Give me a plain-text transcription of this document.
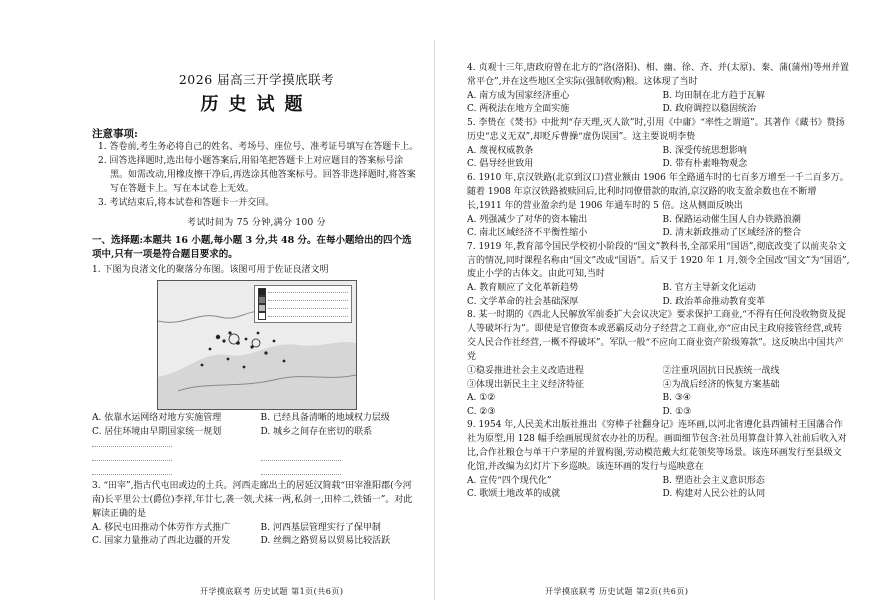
2026 届高三开学摸底联考
历史试题
注意事项:
1. 答卷前,考生务必将自己的姓名、考场号、座位号、准考证号填写在答题卡上。
2. 回答选择题时,选出每小题答案后,用铅笔把答题卡上对应题目的答案标号涂黑。如需改动,用橡皮擦干净后,再选涂其他答案标号。回答非选择题时,将答案写在答题卡上。写在本试卷上无效。
3. 考试结束后,将本试卷和答题卡一并交回。
考试时间为 75 分钟,满分 100 分
一、选择题:本题共 16 小题,每小题 3 分,共 48 分。在每小题给出的四个选项中,只有一项是符合题目要求的。

1. 下图为良渚文化的聚落分布图。该图可用于佐证良渚文明

A. 依靠水运网络对地方实施管理	B. 已经具备清晰的地域权力层级
C. 居住环境由早期国家统一规划	D. 城乡之间存在密切的联系

3. “田宰”,指古代屯田或边的土兵。河西走廊出土的居延汉简载“田宰淮阳郡(今河南)长平里公士(爵位)李祥,年廿七,袭一领,犬袜一两,私剑一,田枠二,铁锸一”。对此解读正确的是

A. 移民屯田推动个体劳作方式推广	B. 河西基层管理实行了保甲制
C. 国家力量推动了西北边疆的开发	D. 丝绸之路贸易以贸易比较活跃
开学摸底联考 历史试题 第1页(共6页)

4. 贞观十三年,唐政府曾在北方的“洛(洛阳)、相、幽、徐、齐、并(太原)、秦、蒲(蒲州)等州并置常平仓”,并在这些地区全实际(强制收购)粮。这体现了当时

A. 南方成为国家经济重心	B. 均田制在北方趋于瓦解
C. 两税法在地方全面实施	D. 政府调控以稳固统治

5. 李贽在《焚书》中批判“存天理,灭人欲”时,引用《中庸》“率性之谓道”。其著作《藏书》赞扬历史“忠义无双”,却贬斥曹操“虚伪误国”。这主要说明李贽

A. 蔑视权威教条	B. 深受传统思想影响
C. 倡导经世致用	D. 带有朴素唯物观念

6. 1910 年,京汉铁路(北京到汉口)营业额由 1906 年全路通车时的七百多万增至一千二百多万。随着 1908 年京汉铁路被赎回后,比利时同僚借款的取消,京汉路的收支盈余数也在不断增长,1911 年的营业盈余约是 1906 年通车时的 5 倍。这从侧面反映出

A. 列强减少了对华的资本输出	B. 保路运动催生国人自办铁路浪潮
C. 南北区域经济不平衡性缩小	D. 清末新政推动了区域经济的整合

7. 1919 年,教育部令国民学校初小阶段的“国文”教科书,全部采用“国语”,彻底改变了以前夹杂文言的情况,同时课程名称由“国文”改成“国语”。后又于 1920 年 1 月,领令全国改“国文”为“国语”,废止小学的古体文。由此可知,当时

A. 教育顺应了文化革新趋势	B. 官方主导新文化运动
C. 文学革命的社会基础深厚	D. 政治革命推动教育变革

8. 某一时期的《西北人民解放军前委扩大会议决定》要求保护工商业,“不得有任何没收物资及捉人等破坏行为”。即使是官僚资本或恶霸反动分子经营之工商业,亦“应由民主政府接管经营,或转交人民合作社经营,一概不得破坏”。军队一般“不应向工商业资产阶级筹款”。这反映出中国共产党

①稳妥推进社会主义改造进程	②注重巩固抗日民族统一战线
③体现出新民主主义经济特征	④为战后经济的恢复方案基础
A. ①②	B. ③④
C. ②③	D. ①③

9. 1954 年,人民美术出版社推出《穷棒子社翻身记》连环画,以河北省遵化县西铺村王国藩合作社为原型,用 128 幅手绘画展现贫农办社的历程。画面细节包含:社员用算盘计算入社前后收入对比,合作社粮仓与单干户茅屋的并置构图,劳动模范戴大红花领奖等场景。该连环画发行至县级文化馆,并改编为幻灯片下乡巡映。该连环画的发行与巡映意在

A. 宣传“四个现代化”	B. 塑造社会主义意识形态
C. 歌颂土地改革的成就	D. 构建对人民公社的认同
开学摸底联考 历史试题 第2页(共6页)
